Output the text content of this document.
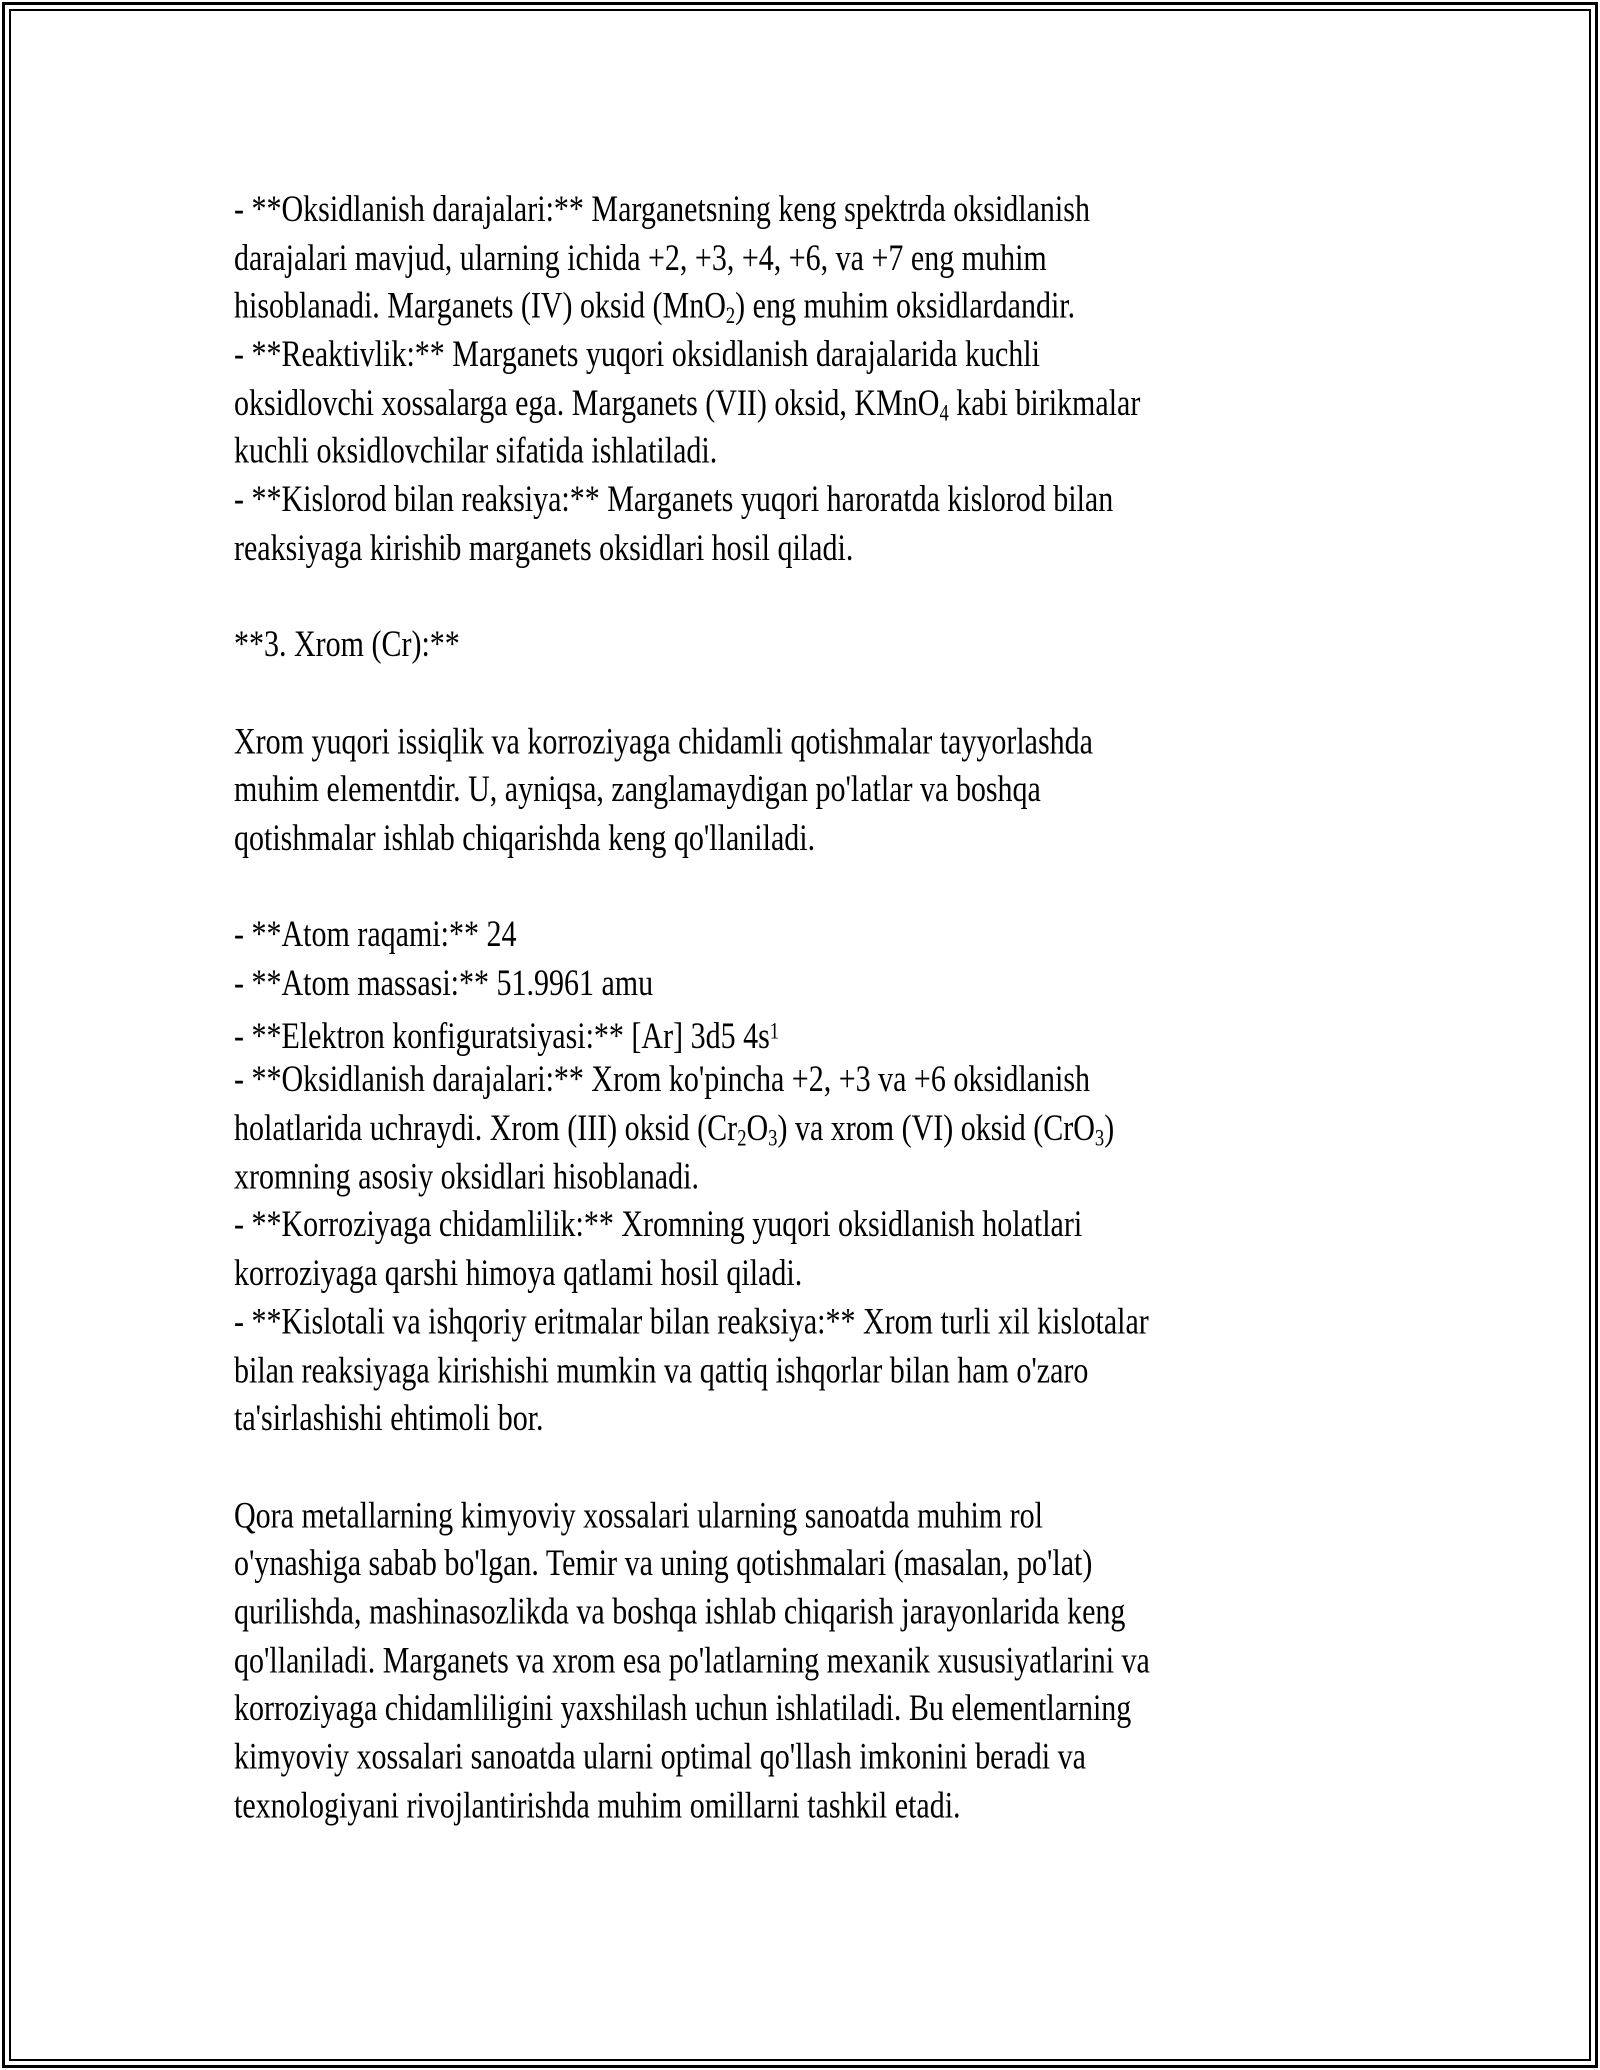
- **Oksidlanish darajalari:** Marganetsning keng spektrda oksidlanish
darajalari mavjud, ularning ichida +2, +3, +4, +6, va +7 eng muhim
hisoblanadi. Marganets (IV) oksid (MnO$_2$) eng muhim oksidlardandir.
- **Reaktivlik:** Marganets yuqori oksidlanish darajalarida kuchli
oksidlovchi xossalarga ega. Marganets (VII) oksid, KMnO$_4$ kabi birikmalar
kuchli oksidlovchilar sifatida ishlatiladi.
- **Kislorod bilan reaksiya:** Marganets yuqori haroratda kislorod bilan
reaksiyaga kirishib marganets oksidlari hosil qiladi.

**3. Xrom (Cr):**

Xrom yuqori issiqlik va korroziyaga chidamli qotishmalar tayyorlashda
muhim elementdir. U, ayniqsa, zanglamaydigan po'latlar va boshqa
qotishmalar ishlab chiqarishda keng qo'llaniladi.

- **Atom raqami:** 24
- **Atom massasi:** 51.9961 amu
- **Elektron konfiguratsiyasi:** [Ar] 3d5 $4s^1$
- **Oksidlanish darajalari:** Xrom ko'pincha +2, +3 va +6 oksidlanish
holatlarida uchraydi. Xrom (III) oksid $(Cr_2O_3)$ va xrom (VI) oksid (CrO$_3$)
xromning asosiy oksidlari hisoblanadi.
- **Korroziyaga chidamlilik:** Xromning yuqori oksidlanish holatlari
korroziyaga qarshi himoya qatlami hosil qiladi.
- **Kislotali va ishqoriy eritmalar bilan reaksiya:** Xrom turli xil kislotalar
bilan reaksiyaga kirishishi mumkin va qattiq ishqorlar bilan ham o'zaro
ta'sirlashishi ehtimoli bor.

Qora metallarning kimyoviy xossalari ularning sanoatda muhim rol
o'ynashiga sabab bo'lgan. Temir va uning qotishmalari (masalan, po'lat)
qurilishda, mashinasozlikda va boshqa ishlab chiqarish jarayonlarida keng
qo'llaniladi. Marganets va xrom esa po'latlarning mexanik xususiyatlarini va
korroziyaga chidamliligini yaxshilash uchun ishlatiladi. Bu elementlarning
kimyoviy xossalari sanoatda ularni optimal qo'llash imkonini beradi va
texnologiyani rivojlantirishda muhim omillarni tashkil etadi.
